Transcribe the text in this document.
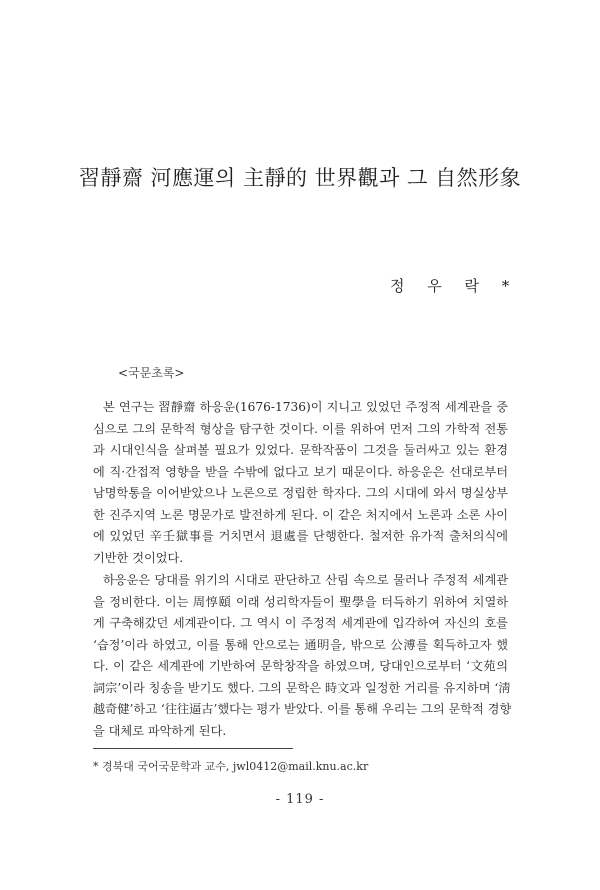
習靜齋 河應運의 主靜的 世界觀과 그 自然形象
정 우 락 *
<국문초록>
본 연구는 習靜齋 하응운(1676-1736)이 지니고 있었던 주정적 세계관을 중
심으로 그의 문학적 형상을 탐구한 것이다. 이를 위하여 먼저 그의 가학적 전통
과 시대인식을 살펴볼 필요가 있었다. 문학작품이 그것을 둘러싸고 있는 환경
에 직·간접적 영향을 받을 수밖에 없다고 보기 때문이다. 하응운은 선대로부터
남명학통을 이어받았으나 노론으로 정립한 학자다. 그의 시대에 와서 명실상부
한 진주지역 노론 명문가로 발전하게 된다. 이 같은 처지에서 노론과 소론 사이
에 있었던 辛壬獄事를 거치면서 退處를 단행한다. 철저한 유가적 출처의식에
기반한 것이었다.
하응운은 당대를 위기의 시대로 판단하고 산림 속으로 물러나 주정적 세계관
을 정비한다. 이는 周惇頤 이래 성리학자들이 聖學을 터득하기 위하여 치열하
게 구축해갔던 세계관이다. 그 역시 이 주정적 세계관에 입각하여 자신의 호를
‘습정’이라 하였고, 이를 통해 안으로는 通明을, 밖으로 公溥를 획득하고자 했
다. 이 같은 세계관에 기반하여 문학창작을 하였으며, 당대인으로부터 ‘文苑의
詞宗’이라 칭송을 받기도 했다. 그의 문학은 時文과 일정한 거리를 유지하며 ‘淸
越奇健’하고 ‘往往逼古’했다는 평가 받았다. 이를 통해 우리는 그의 문학적 경향
을 대체로 파악하게 된다.
* 경북대 국어국문학과 교수, jwl0412@mail.knu.ac.kr
- 119 -
